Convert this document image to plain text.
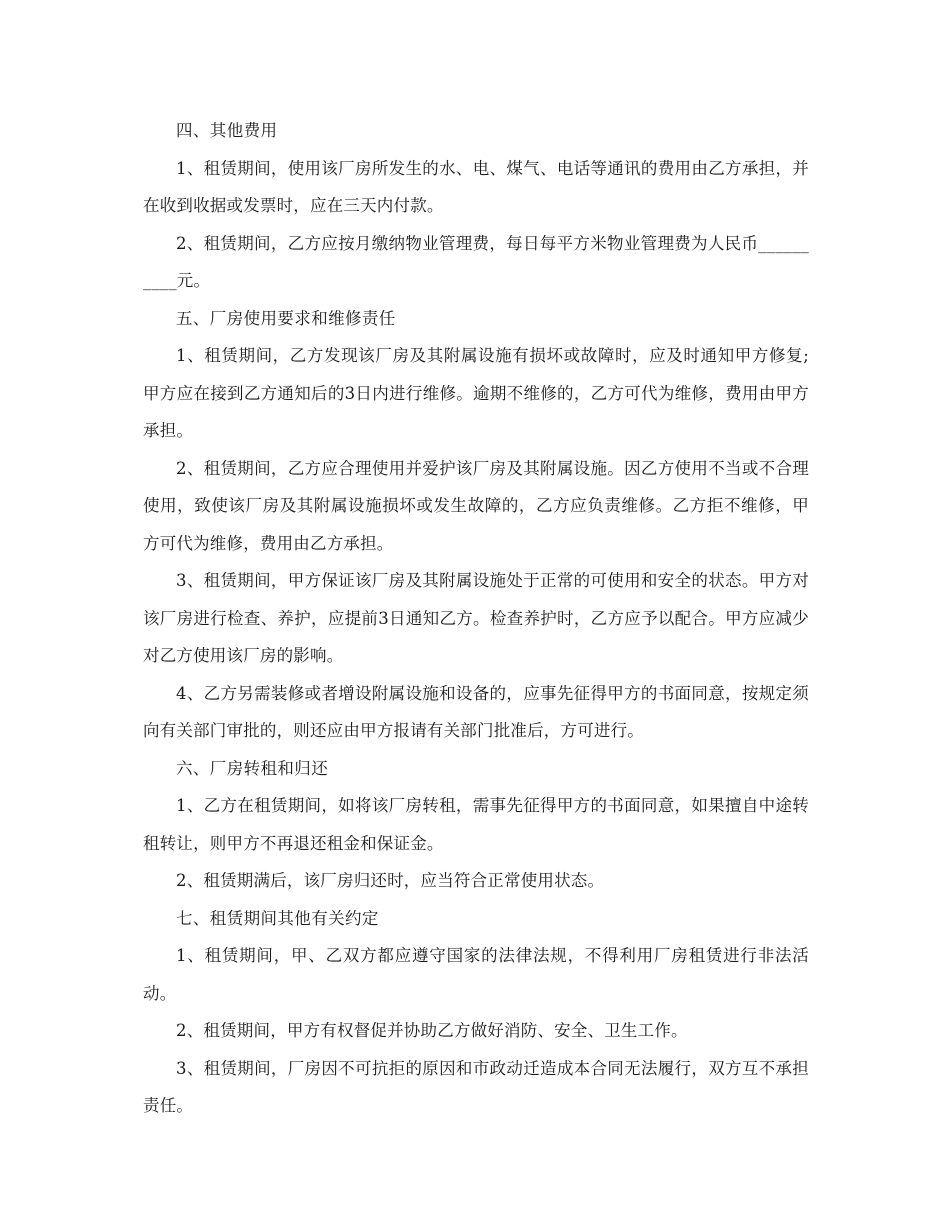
四、其他费用

1、租赁期间，使用该厂房所发生的水、电、煤气、电话等通讯的费用由乙方承担，并在收到收据或发票时，应在三天内付款。

2、租赁期间，乙方应按月缴纳物业管理费，每日每平方米物业管理费为人民币__________元。

五、厂房使用要求和维修责任

1、租赁期间，乙方发现该厂房及其附属设施有损坏或故障时，应及时通知甲方修复;甲方应在接到乙方通知后的3日内进行维修。逾期不维修的，乙方可代为维修，费用由甲方承担。

2、租赁期间，乙方应合理使用并爱护该厂房及其附属设施。因乙方使用不当或不合理使用，致使该厂房及其附属设施损坏或发生故障的，乙方应负责维修。乙方拒不维修，甲方可代为维修，费用由乙方承担。

3、租赁期间，甲方保证该厂房及其附属设施处于正常的可使用和安全的状态。甲方对该厂房进行检查、养护，应提前3日通知乙方。检查养护时，乙方应予以配合。甲方应减少对乙方使用该厂房的影响。

4、乙方另需装修或者增设附属设施和设备的，应事先征得甲方的书面同意，按规定须向有关部门审批的，则还应由甲方报请有关部门批准后，方可进行。

六、厂房转租和归还

1、乙方在租赁期间，如将该厂房转租，需事先征得甲方的书面同意，如果擅自中途转租转让，则甲方不再退还租金和保证金。

2、租赁期满后，该厂房归还时，应当符合正常使用状态。

七、租赁期间其他有关约定

1、租赁期间，甲、乙双方都应遵守国家的法律法规，不得利用厂房租赁进行非法活动。

2、租赁期间，甲方有权督促并协助乙方做好消防、安全、卫生工作。

3、租赁期间，厂房因不可抗拒的原因和市政动迁造成本合同无法履行，双方互不承担责任。
